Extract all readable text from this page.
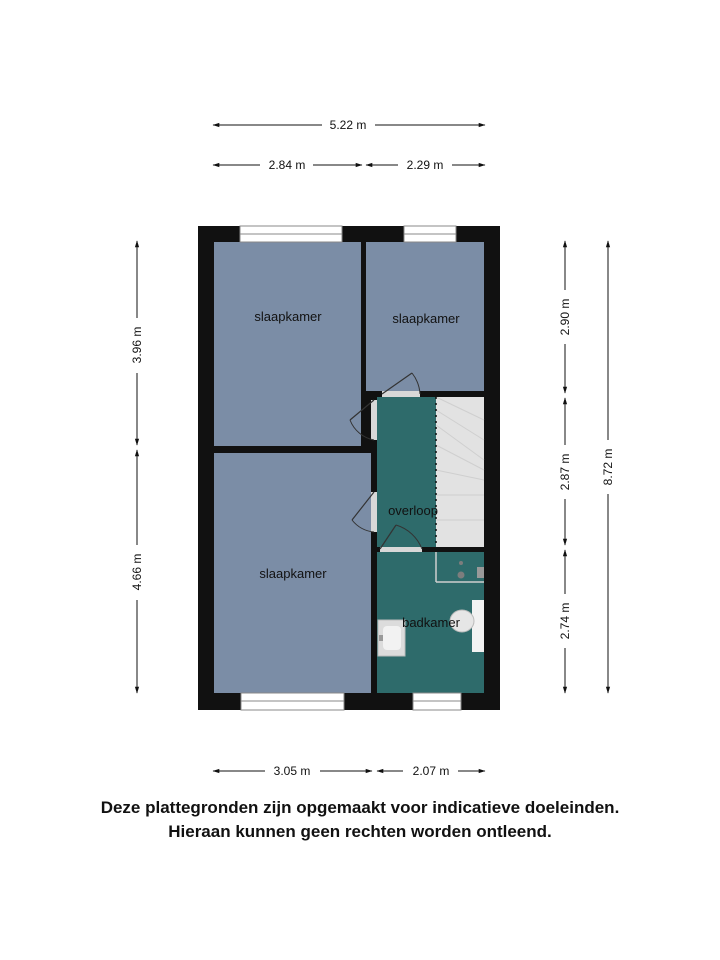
5.22 m
2.84 m	2.29 m
3.05 m	2.07 m
3.96 m
4.66 m
2.90 m
2.87 m
2.74 m
8.72 m
slaapkamer	slaapkamer
slaapkamer
overloop
badkamer
Deze plattegronden zijn opgemaakt voor indicatieve doeleinden.
Hieraan kunnen geen rechten worden ontleend.
